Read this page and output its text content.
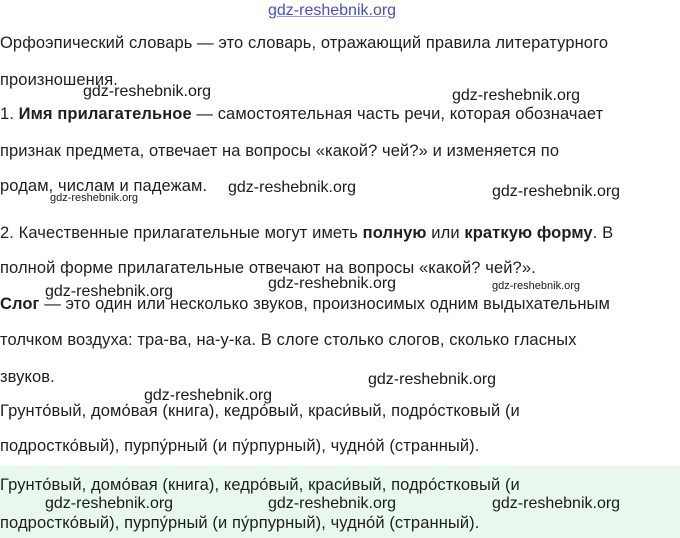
Орфоэпический словарь — это словарь, отражающий правила литературного
произношения.
1. Имя прилагательное — самостоятельная часть речи, которая обозначает
признак предмета, отвечает на вопросы «какой? чей?» и изменяется по
родам, числам и падежам.
2. Качественные прилагательные могут иметь полную или краткую форму. В
полной форме прилагательные отвечают на вопросы «какой? чей?».
Слог — это один или несколько звуков, произносимых одним выдыхательным
толчком воздуха: тра-ва, на-у-ка. В слоге столько слогов, сколько гласных
звуков.
Грунто́вый, домо́вая (книга), кедро́вый, краси́вый, подро́стковый (и
подростко́вый), пурпу́рный (и пу́рпурный), чудно́й (странный).
Грунто́вый, домо́вая (книга), кедро́вый, краси́вый, подро́стковый (и
подростко́вый), пурпу́рный (и пу́рпурный), чудно́й (странный).
gdz-reshebnik.org
gdz-reshebnik.org	gdz-reshebnik.org
gdz-reshebnik.org	gdz-reshebnik.org
gdz-reshebnik.org
gdz-reshebnik.org	gdz-reshebnik.org	gdz-reshebnik.org
gdz-reshebnik.org
gdz-reshebnik.org
gdz-reshebnik.org	gdz-reshebnik.org	gdz-reshebnik.org
